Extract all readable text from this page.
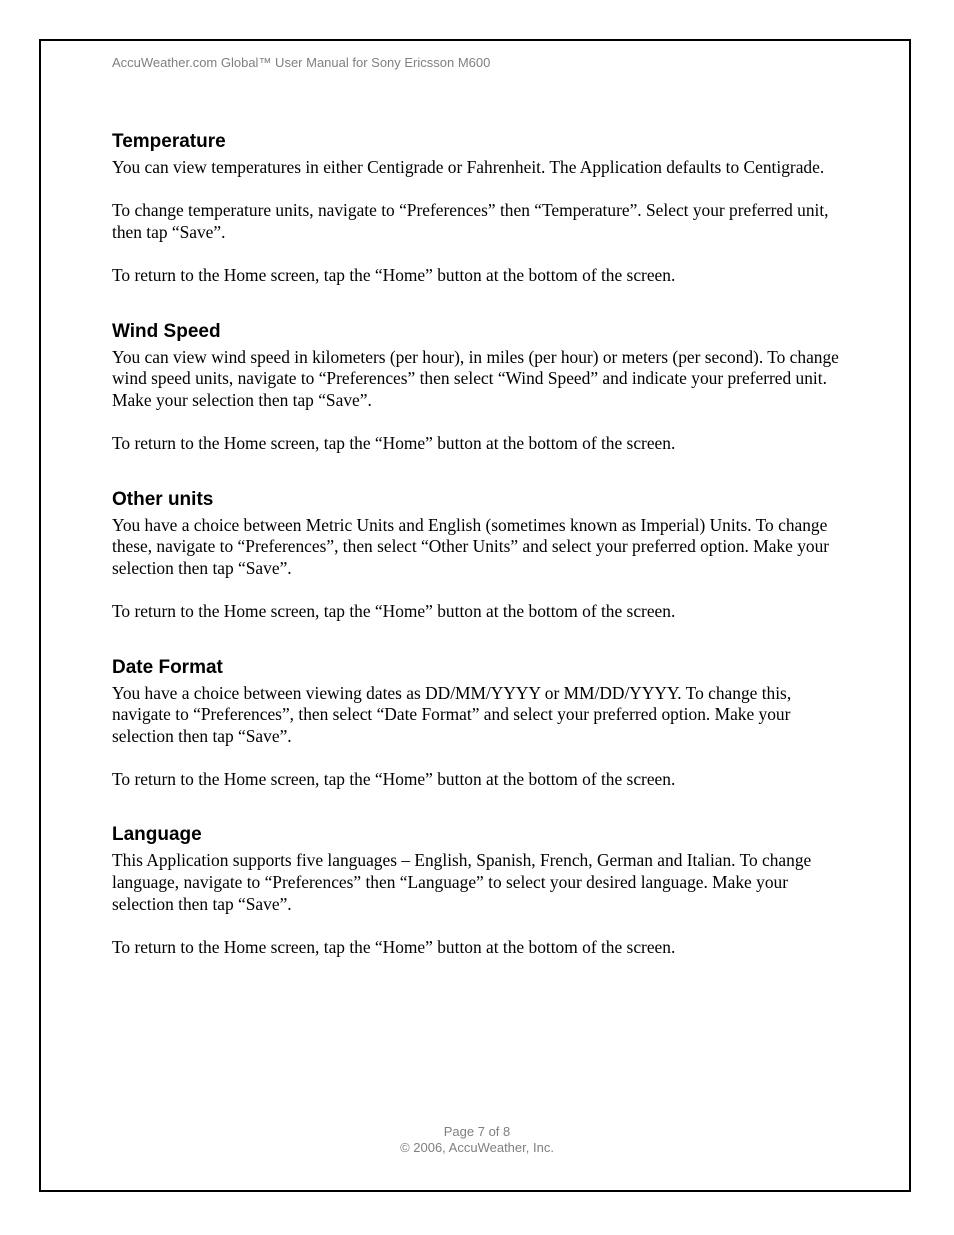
AccuWeather.com Global™ User Manual for Sony Ericsson M600
Temperature

You can view temperatures in either Centigrade or Fahrenheit. The Application defaults to Centigrade.

To change temperature units, navigate to “Preferences” then “Temperature”. Select your preferred unit, then tap “Save”.

To return to the Home screen, tap the “Home” button at the bottom of the screen.

Wind Speed

You can view wind speed in kilometers (per hour), in miles (per hour) or meters (per second). To change wind speed units, navigate to “Preferences” then select “Wind Speed” and indicate your preferred unit. Make your selection then tap “Save”.

To return to the Home screen, tap the “Home” button at the bottom of the screen.

Other units

You have a choice between Metric Units and English (sometimes known as Imperial) Units. To change these, navigate to “Preferences”, then select “Other Units” and select your preferred option. Make your selection then tap “Save”.

To return to the Home screen, tap the “Home” button at the bottom of the screen.

Date Format

You have a choice between viewing dates as DD/MM/YYYY or MM/DD/YYYY. To change this, navigate to “Preferences”, then select “Date Format” and select your preferred option. Make your selection then tap “Save”.

To return to the Home screen, tap the “Home” button at the bottom of the screen.

Language

This Application supports five languages – English, Spanish, French, German and Italian. To change language, navigate to “Preferences” then “Language” to select your desired language. Make your selection then tap “Save”.

To return to the Home screen, tap the “Home” button at the bottom of the screen.

Page 7 of 8
© 2006, AccuWeather, Inc.
